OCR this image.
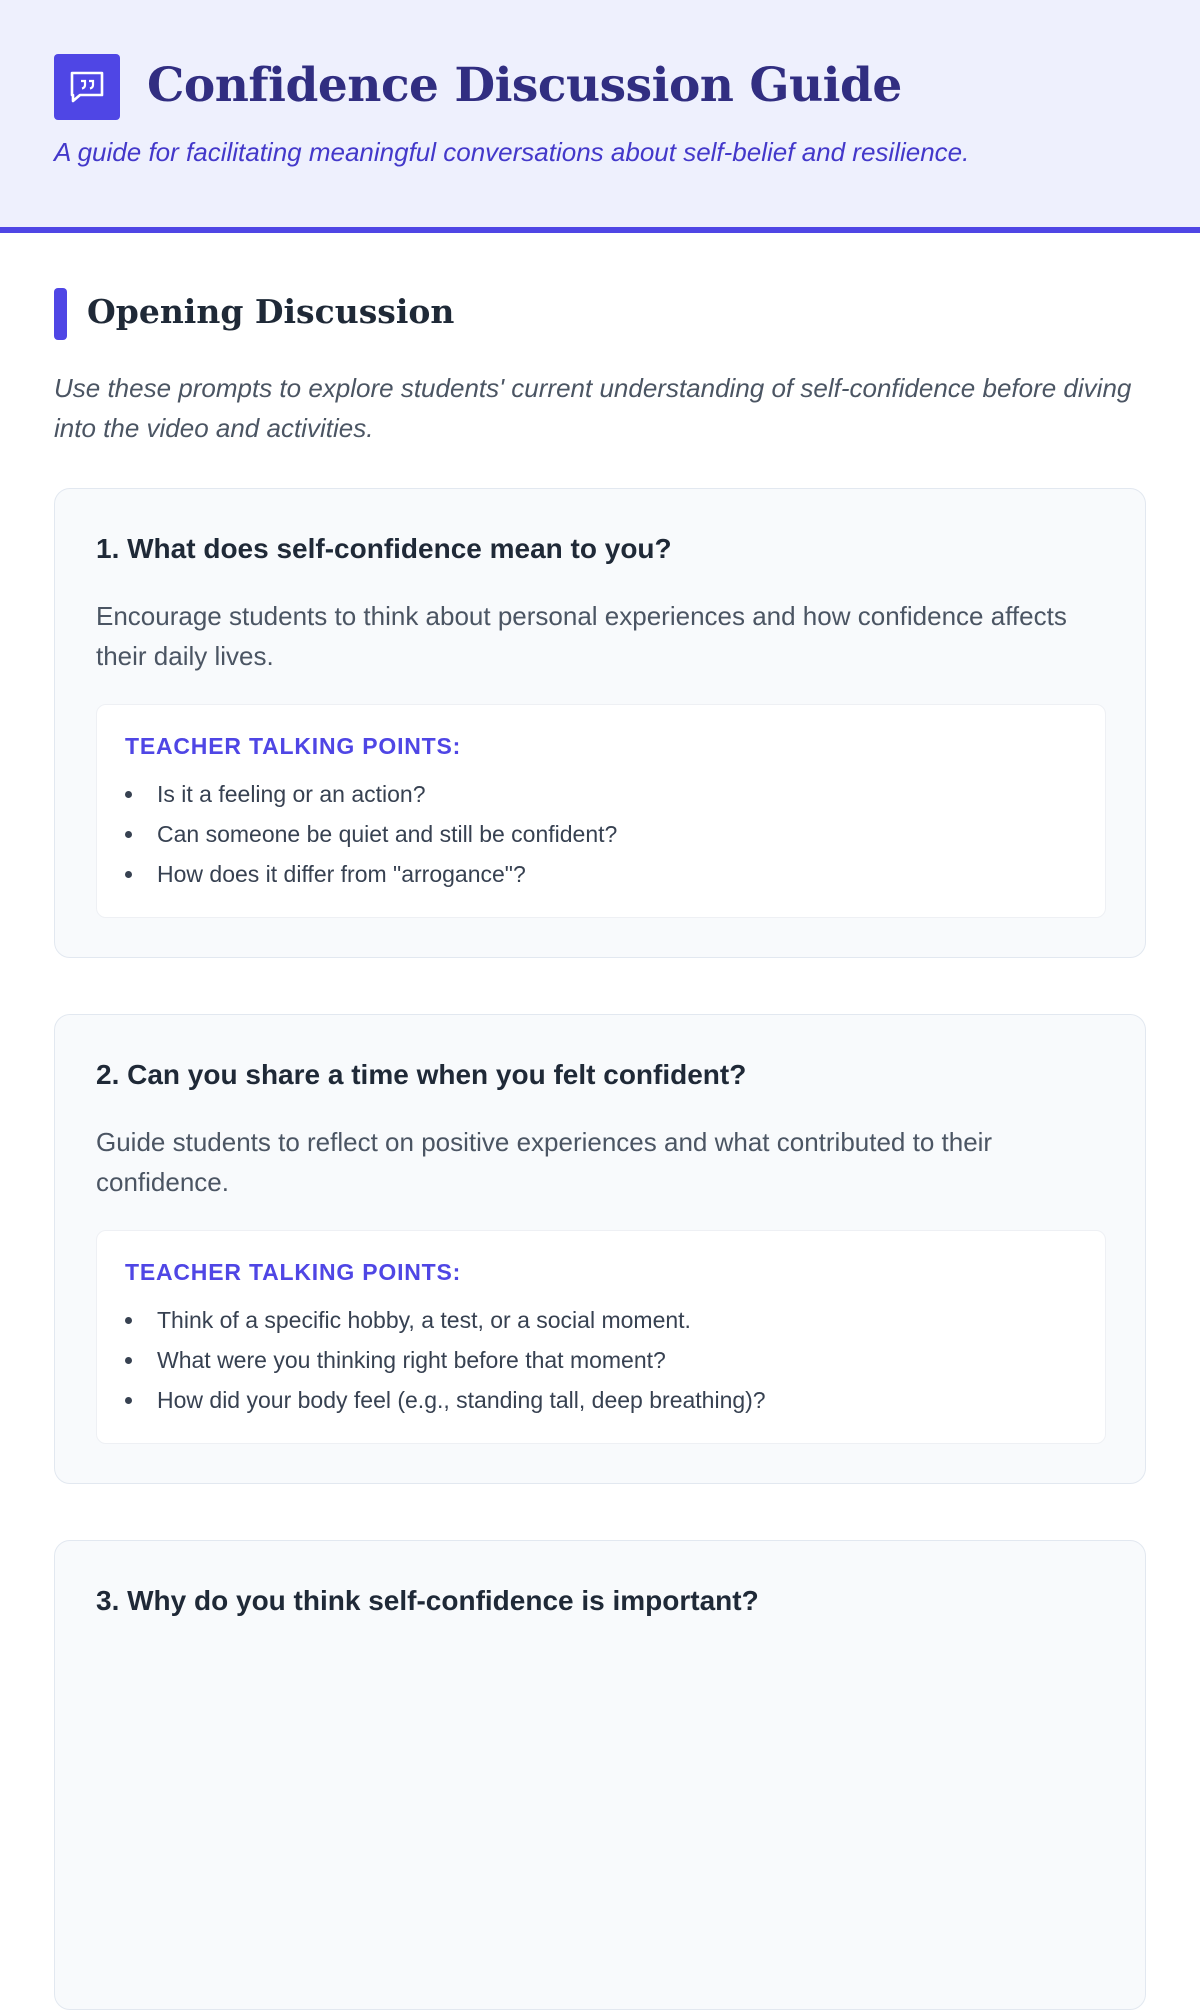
Confidence Discussion Guide

A guide for facilitating meaningful conversations about self-belief and resilience.

Opening Discussion

Use these prompts to explore students' current understanding of self-confidence before diving into the video and activities.

1. What does self-confidence mean to you?

Encourage students to think about personal experiences and how confidence affects their daily lives.

TEACHER TALKING POINTS:
Is it a feeling or an action?
Can someone be quiet and still be confident?
How does it differ from "arrogance"?
2. Can you share a time when you felt confident?

Guide students to reflect on positive experiences and what contributed to their confidence.

TEACHER TALKING POINTS:
Think of a specific hobby, a test, or a social moment.
What were you thinking right before that moment?
How did your body feel (e.g., standing tall, deep breathing)?
3. Why do you think self-confidence is important?
